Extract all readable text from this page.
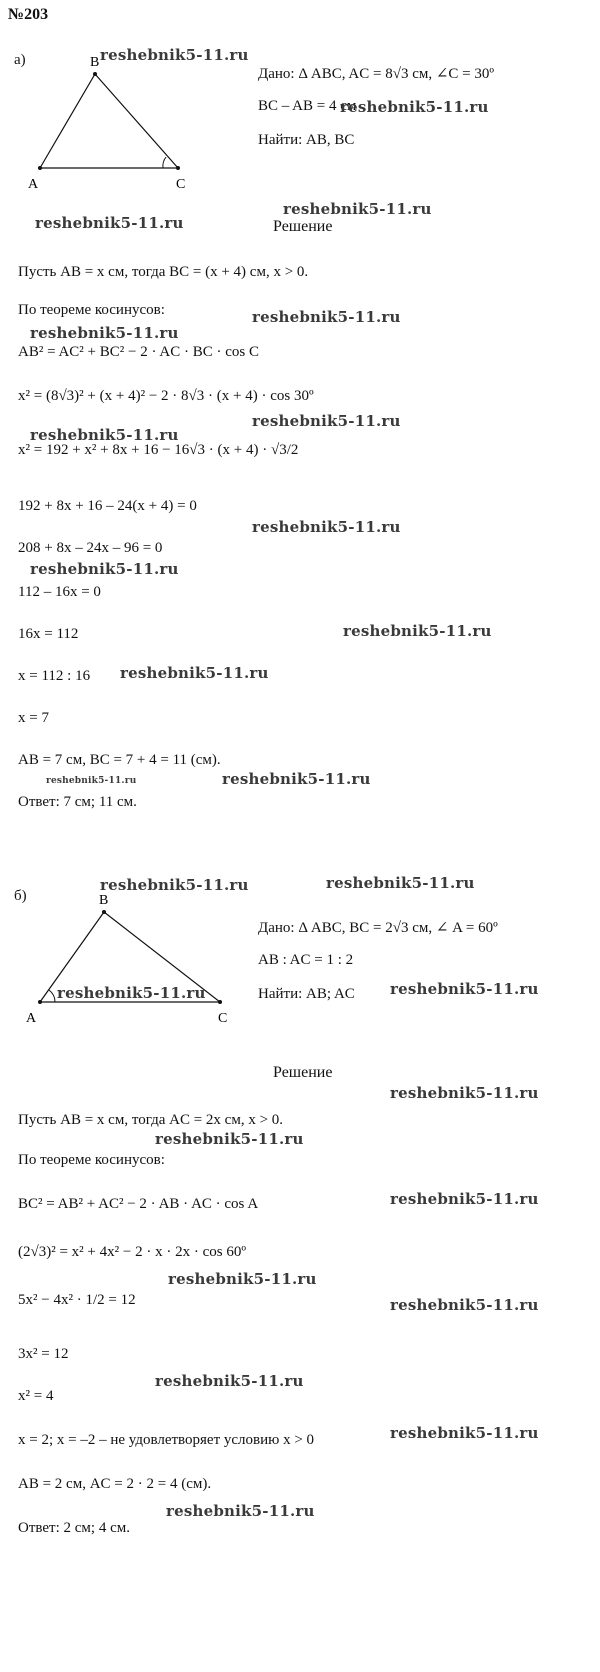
№203
а)	B
A	C
Дано: Δ ABC, AC = 8√3 см, ∠C = 30º
BC – AB = 4 см
Найти: AB, BC
Решение
Пусть AB = x см, тогда BC = (x + 4) см, x > 0.
По теореме косинусов:
AB² = AC² + BC² − 2 · AC · BC · cos C
x² = (8√3)² + (x + 4)² − 2 · 8√3 · (x + 4) · cos 30º
x² = 192 + x² + 8x + 16 − 16√3 · (x + 4) · √3/2
192 + 8x + 16 – 24(x + 4) = 0
208 + 8x – 24x – 96 = 0
112 – 16x = 0
16x = 112
x = 112 : 16
x = 7
AB = 7 см, BC = 7 + 4 = 11 (см).
Ответ: 7 см; 11 см.
б)	B
A	C
Дано: Δ ABC, BC = 2√3 см, ∠ A = 60º
AB : AC = 1 : 2
Найти: AB; AC
Решение
Пусть AB = x см, тогда AC = 2x см, x > 0.
По теореме косинусов:
BC² = AB² + AC² − 2 · AB · AC · cos A
(2√3)² = x² + 4x² − 2 · x · 2x · cos 60º
5x² − 4x² · 1/2 = 12
3x² = 12
x² = 4
x = 2; x = –2 – не удовлетворяет условию x > 0
AB = 2 см, AC = 2 · 2 = 4 (см).
Ответ: 2 см; 4 см.
reshebnik5-11.ru
reshebnik5-11.ru
reshebnik5-11.ru
reshebnik5-11.ru
reshebnik5-11.ru
reshebnik5-11.ru
reshebnik5-11.ru
reshebnik5-11.ru
reshebnik5-11.ru
reshebnik5-11.ru
reshebnik5-11.ru
reshebnik5-11.ru
reshebnik5-11.ru	reshebnik5-11.ru
reshebnik5-11.ru	reshebnik5-11.ru
reshebnik5-11.ru	reshebnik5-11.ru
reshebnik5-11.ru
reshebnik5-11.ru
reshebnik5-11.ru
reshebnik5-11.ru
reshebnik5-11.ru
reshebnik5-11.ru
reshebnik5-11.ru
reshebnik5-11.ru
